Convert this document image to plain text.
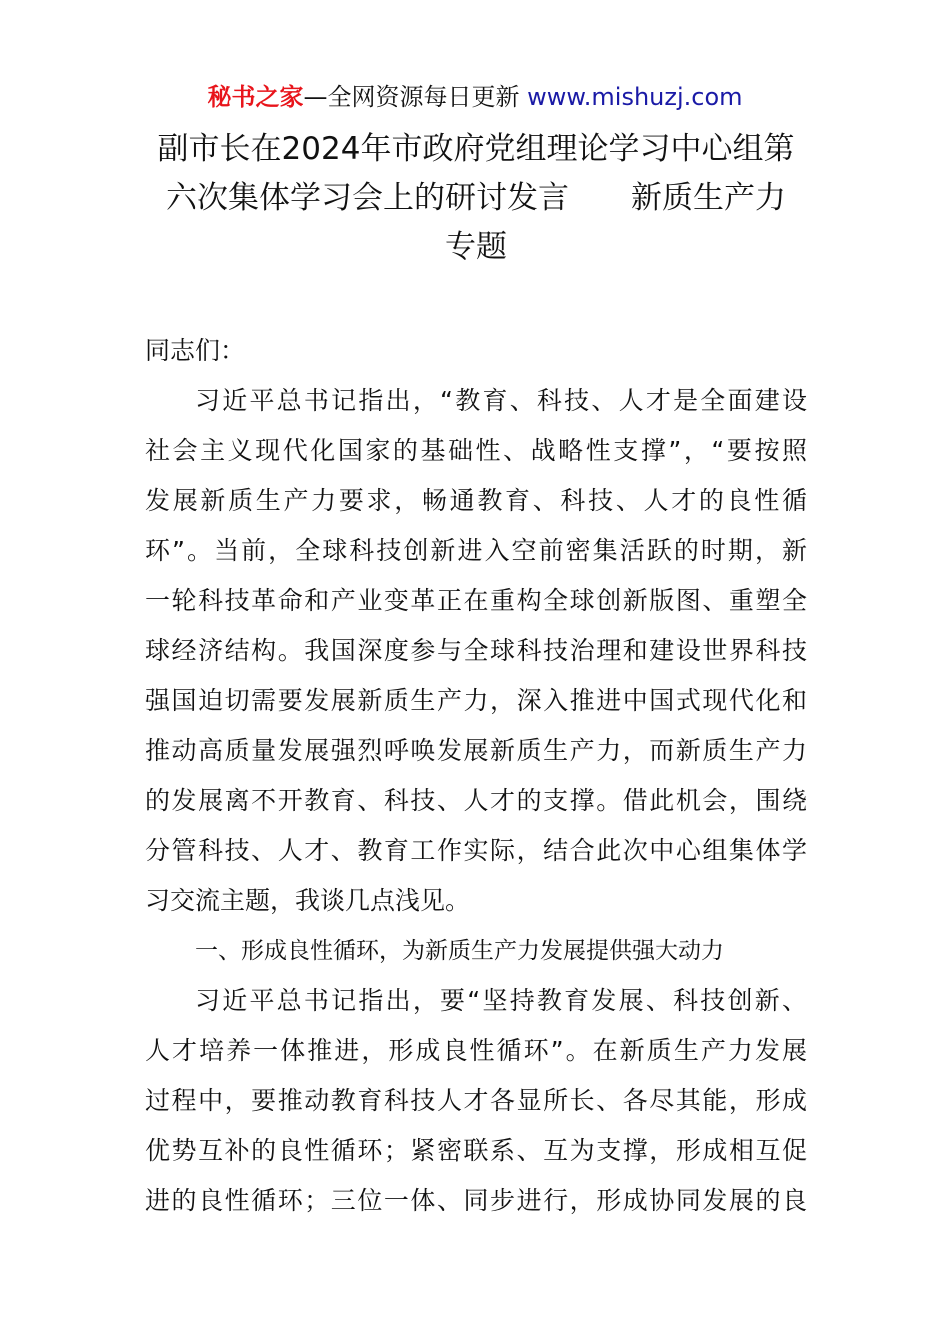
秘书之家—全网资源每日更新 www.mishuzj.com
副市长在2024年市政府党组理论学习中心组第
六次集体学习会上的研讨发言 新质生产力
专题
同志们：
习近平总书记指出，“教育、科技、人才是全面建设
社会主义现代化国家的基础性、战略性支撑”，“要按照
发展新质生产力要求，畅通教育、科技、人才的良性循
环”。当前，全球科技创新进入空前密集活跃的时期，新
一轮科技革命和产业变革正在重构全球创新版图、重塑全
球经济结构。我国深度参与全球科技治理和建设世界科技
强国迫切需要发展新质生产力，深入推进中国式现代化和
推动高质量发展强烈呼唤发展新质生产力，而新质生产力
的发展离不开教育、科技、人才的支撑。借此机会，围绕
分管科技、人才、教育工作实际，结合此次中心组集体学
习交流主题，我谈几点浅见。
一、形成良性循环，为新质生产力发展提供强大动力
习近平总书记指出，要“坚持教育发展、科技创新、
人才培养一体推进，形成良性循环”。在新质生产力发展
过程中，要推动教育科技人才各显所长、各尽其能，形成
优势互补的良性循环；紧密联系、互为支撑，形成相互促
进的良性循环；三位一体、同步进行，形成协同发展的良
